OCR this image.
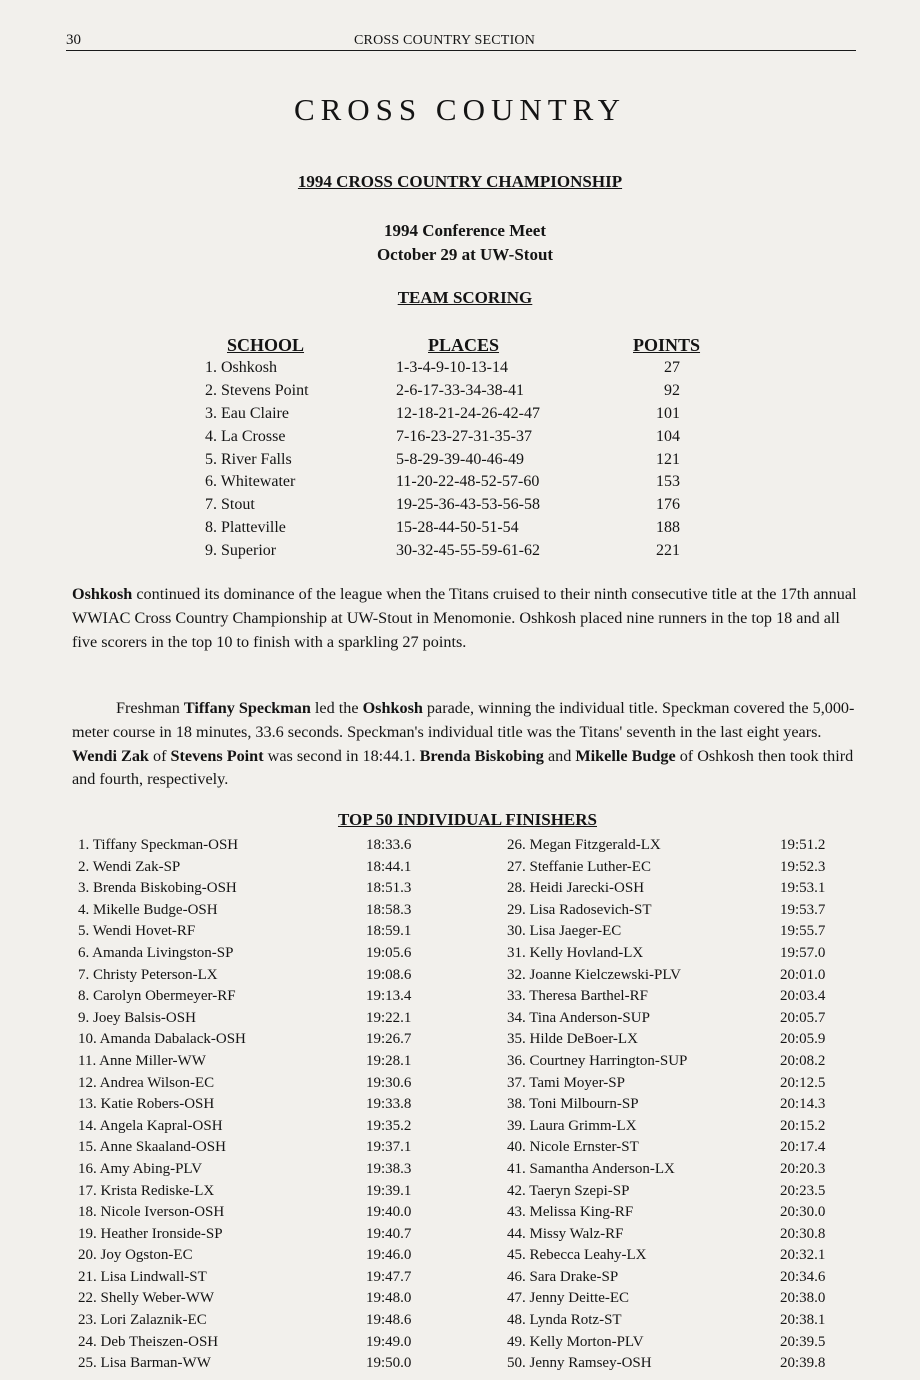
30	CROSS COUNTRY SECTION
CROSS COUNTRY
1994 CROSS COUNTRY CHAMPIONSHIP
1994 Conference Meet
October 29 at UW-Stout
TEAM SCORING
SCHOOL	PLACES	POINTS
1. Oshkosh	1-3-4-9-10-13-14	27
2. Stevens Point	2-6-17-33-34-38-41	92
3. Eau Claire	12-18-21-24-26-42-47	101
4. La Crosse	7-16-23-27-31-35-37	104
5. River Falls	5-8-29-39-40-46-49	121
6. Whitewater	11-20-22-48-52-57-60	153
7. Stout	19-25-36-43-53-56-58	176
8. Platteville	15-28-44-50-51-54	188
9. Superior	30-32-45-55-59-61-62	221
Oshkosh continued its dominance of the league when the Titans cruised to their ninth consecutive title at the 17th annual WWIAC Cross Country Championship at UW-Stout in Menomonie. Oshkosh placed nine runners in the top 18 and all five scorers in the top 10 to finish with a sparkling 27 points.
Freshman Tiffany Speckman led the Oshkosh parade, winning the individual title. Speckman covered the 5,000-meter course in 18 minutes, 33.6 seconds. Speckman's individual title was the Titans' seventh in the last eight years. Wendi Zak of Stevens Point was second in 18:44.1. Brenda Biskobing and Mikelle Budge of Oshkosh then took third and fourth, respectively.
TOP 50 INDIVIDUAL FINISHERS
1. Tiffany Speckman-OSH	18:33.6
2. Wendi Zak-SP	18:44.1
3. Brenda Biskobing-OSH	18:51.3
4. Mikelle Budge-OSH	18:58.3
5. Wendi Hovet-RF	18:59.1
6. Amanda Livingston-SP	19:05.6
7. Christy Peterson-LX	19:08.6
8. Carolyn Obermeyer-RF	19:13.4
9. Joey Balsis-OSH	19:22.1
10. Amanda Dabalack-OSH	19:26.7
11. Anne Miller-WW	19:28.1
12. Andrea Wilson-EC	19:30.6
13. Katie Robers-OSH	19:33.8
14. Angela Kapral-OSH	19:35.2
15. Anne Skaaland-OSH	19:37.1
16. Amy Abing-PLV	19:38.3
17. Krista Rediske-LX	19:39.1
18. Nicole Iverson-OSH	19:40.0
19. Heather Ironside-SP	19:40.7
20. Joy Ogston-EC	19:46.0
21. Lisa Lindwall-ST	19:47.7
22. Shelly Weber-WW	19:48.0
23. Lori Zalaznik-EC	19:48.6
24. Deb Theiszen-OSH	19:49.0
25. Lisa Barman-WW	19:50.0
26. Megan Fitzgerald-LX	19:51.2
27. Steffanie Luther-EC	19:52.3
28. Heidi Jarecki-OSH	19:53.1
29. Lisa Radosevich-ST	19:53.7
30. Lisa Jaeger-EC	19:55.7
31. Kelly Hovland-LX	19:57.0
32. Joanne Kielczewski-PLV	20:01.0
33. Theresa Barthel-RF	20:03.4
34. Tina Anderson-SUP	20:05.7
35. Hilde DeBoer-LX	20:05.9
36. Courtney Harrington-SUP	20:08.2
37. Tami Moyer-SP	20:12.5
38. Toni Milbourn-SP	20:14.3
39. Laura Grimm-LX	20:15.2
40. Nicole Ernster-ST	20:17.4
41. Samantha Anderson-LX	20:20.3
42. Taeryn Szepi-SP	20:23.5
43. Melissa King-RF	20:30.0
44. Missy Walz-RF	20:30.8
45. Rebecca Leahy-LX	20:32.1
46. Sara Drake-SP	20:34.6
47. Jenny Deitte-EC	20:38.0
48. Lynda Rotz-ST	20:38.1
49. Kelly Morton-PLV	20:39.5
50. Jenny Ramsey-OSH	20:39.8
